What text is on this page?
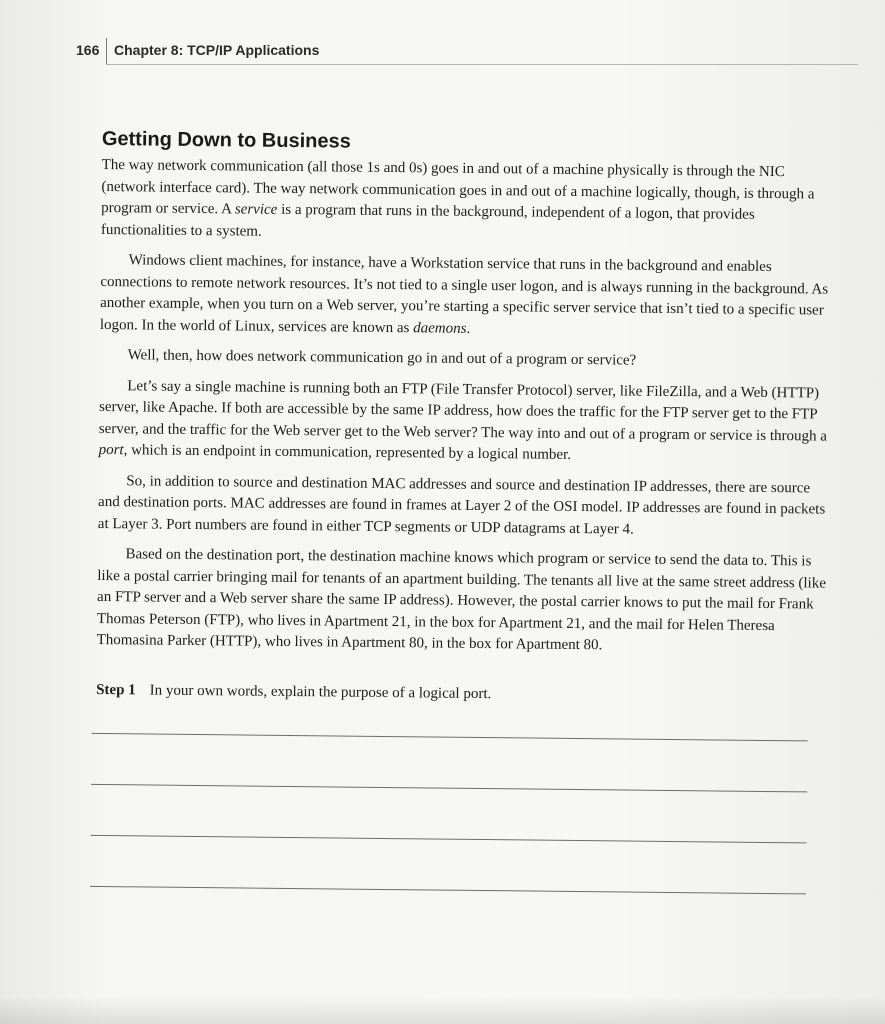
166 Chapter 8: TCP/IP Applications
Getting Down to Business

The way network communication (all those 1s and 0s) goes in and out of a machine physically is through the NIC (network interface card). The way network communication goes in and out of a machine logically, though, is through a program or service. A service is a program that runs in the background, independent of a logon, that provides functionalities to a system.

Windows client machines, for instance, have a Workstation service that runs in the background and enables connections to remote network resources. It’s not tied to a single user logon, and is always running in the background. As another example, when you turn on a Web server, you’re starting a specific server service that isn’t tied to a specific user logon. In the world of Linux, services are known as daemons.

Well, then, how does network communication go in and out of a program or service?

Let’s say a single machine is running both an FTP (File Transfer Protocol) server, like FileZilla, and a Web (HTTP) server, like Apache. If both are accessible by the same IP address, how does the traffic for the FTP server get to the FTP server, and the traffic for the Web server get to the Web server? The way into and out of a program or service is through a port, which is an endpoint in communication, represented by a logical number.

So, in addition to source and destination MAC addresses and source and destination IP addresses, there are source and destination ports. MAC addresses are found in frames at Layer 2 of the OSI model. IP addresses are found in packets at Layer 3. Port numbers are found in either TCP segments or UDP datagrams at Layer 4.

Based on the destination port, the destination machine knows which program or service to send the data to. This is like a postal carrier bringing mail for tenants of an apartment building. The tenants all live at the same street address (like an FTP server and a Web server share the same IP address). However, the postal carrier knows to put the mail for Frank Thomas Peterson (FTP), who lives in Apartment 21, in the box for Apartment 21, and the mail for Helen Theresa Thomasina Parker (HTTP), who lives in Apartment 80, in the box for Apartment 80.

Step 1 In your own words, explain the purpose of a logical port.
